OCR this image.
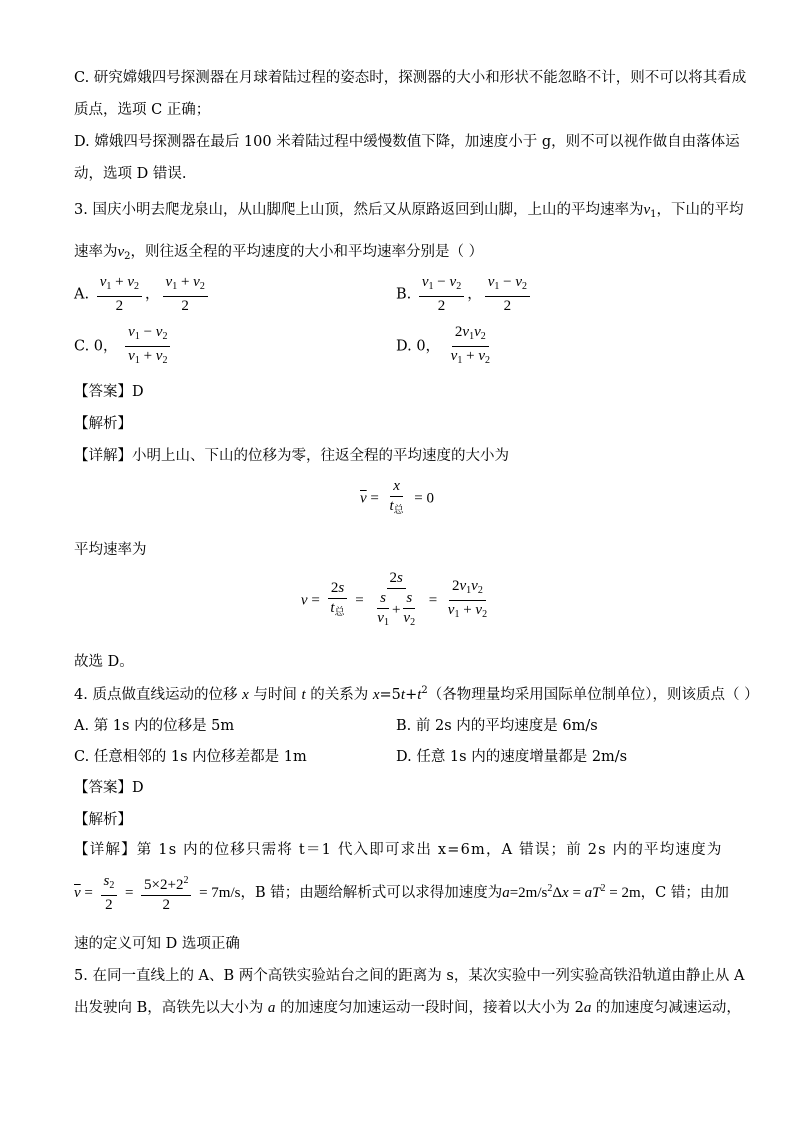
C. 研究嫦娥四号探测器在月球着陆过程的姿态时，探测器的大小和形状不能忽略不计，则不可以将其看成
质点，选项 C 正确；
D. 嫦娥四号探测器在最后 100 米着陆过程中缓慢数值下降，加速度小于 g，则不可以视作做自由落体运
动，选项 D 错误.
3. 国庆小明去爬龙泉山，从山脚爬上山顶，然后又从原路返回到山脚，上山的平均速率为$v_1$，下山的平均
速率为$v_2$，则往返全程的平均速度的大小和平均速率分别是（ ）
A. $\frac{v_1 + v_2}{2}$ ， $\frac{v_1 + v_2}{2}$	B. $\frac{v_1 - v_2}{2}$ ， $\frac{v_1 - v_2}{2}$
C. 0， $\frac{v_1 - v_2}{v_1 + v_2}$	D. 0， $\frac{2v_1v_2}{v_1 + v_2}$
【答案】D
【解析】
【详解】小明上山、下山的位移为零，往返全程的平均速度的大小为
$\overline{v} = \frac{x}{t_总} = 0$
平均速率为
$v = \frac{2s}{t_总} = \frac{2s}{\frac{s}{v_1} + \frac{s}{v_2}} = \frac{2v_1v_2}{v_1 + v_2}$
故选 D。
4. 质点做直线运动的位移 x 与时间 t 的关系为 $x=5t+t^2$（各物理量均采用国际单位制单位），则该质点（ ）
A. 第 1s 内的位移是 5m	B. 前 2s 内的平均速度是 6m/s
C. 任意相邻的 1s 内位移差都是 1m	D. 任意 1s 内的速度增量都是 2m/s
【答案】D
【解析】
【详解】第 1s 内的位移只需将 t＝1 代入即可求出 x=6m，A 错误；前 2s 内的平均速度为
$\overline{v} = \frac{s_2}{2} = \frac{5\times 2+2^2}{2} = 7m/s$，B 错；由题给解析式可以求得加速度为$a=2m/s^2\Delta x = aT^2 = 2m$，C 错；由加
速的定义可知 D 选项正确
5. 在同一直线上的 A、B 两个高铁实验站台之间的距离为 s，某次实验中一列实验高铁沿轨道由静止从 A
出发驶向 B，高铁先以大小为 a 的加速度匀加速运动一段时间，接着以大小为 2a 的加速度匀减速运动，
